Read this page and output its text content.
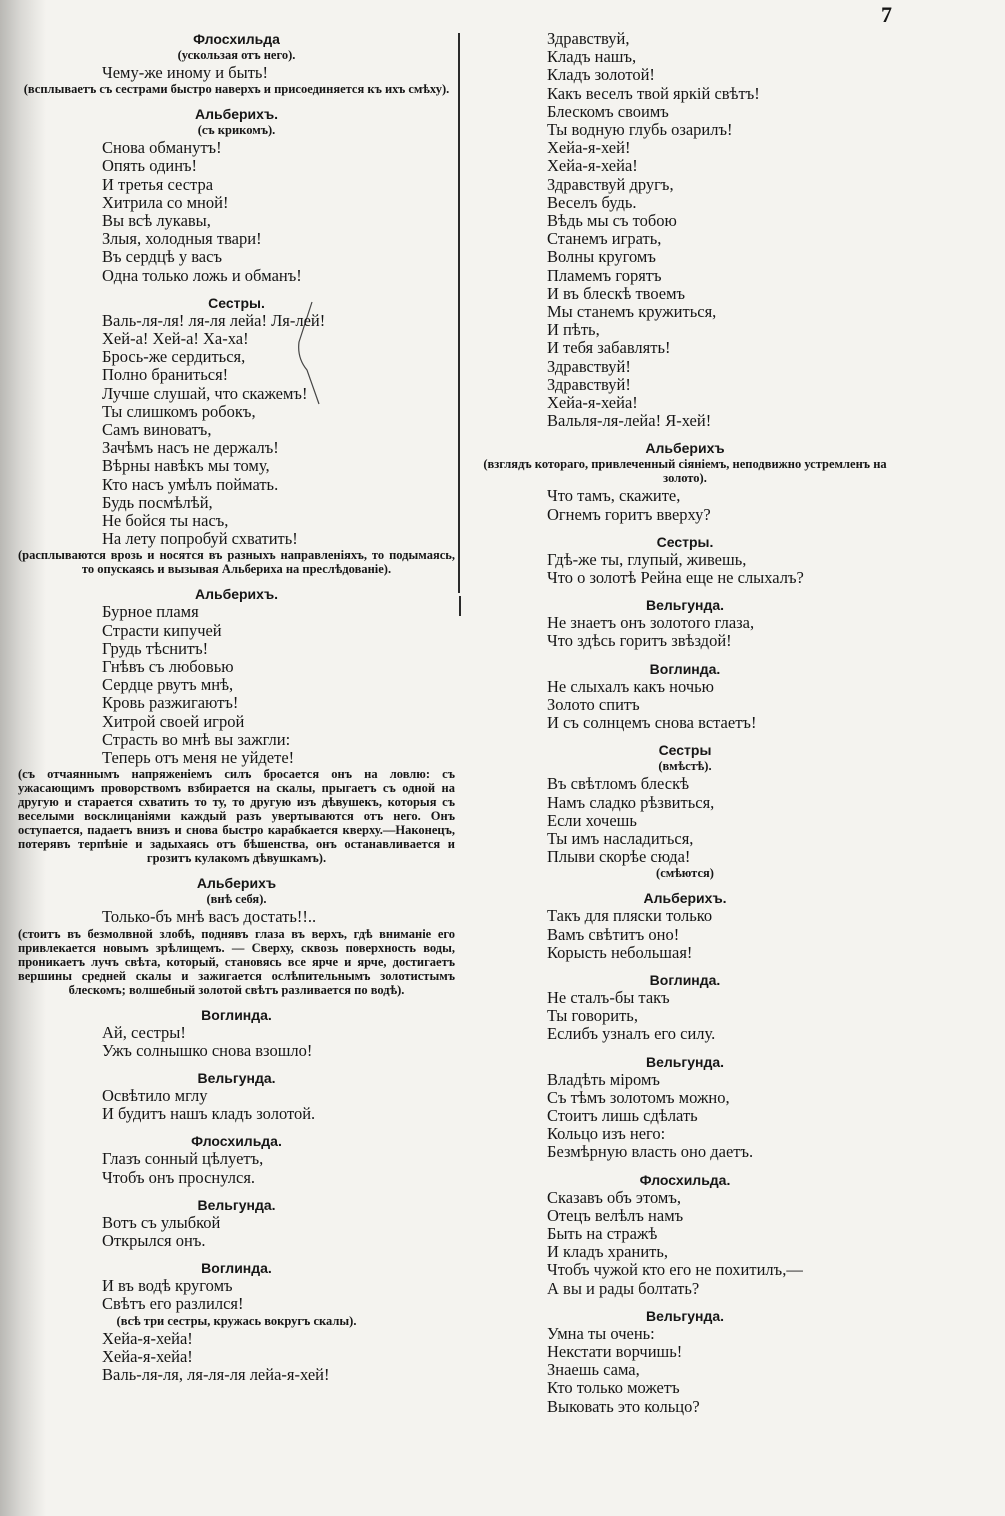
7
Флосхильда
(ускользая отъ него).
Чему-же иному и быть!
(всплываетъ съ сестрами быстро наверхъ и присоединяется къ ихъ смѣху).
Альберихъ.
(съ крикомъ).
Снова обманутъ!
Опять одинъ!
И третья сестра
Хитрила со мной!
Вы всѣ лукавы,
Злыя, холодныя твари!
Въ сердцѣ у васъ
Одна только ложь и обманъ!
Сестры.
Валь-ля-ля! ля-ля лейа! Ля-лей!
Хей-а! Хей-а! Ха-ха!
Брось-же сердиться,
Полно браниться!
Лучше слушай, что скажемъ!
Ты слишкомъ робокъ,
Самъ виноватъ,
Зачѣмъ насъ не держалъ!
Вѣрны навѣкъ мы тому,
Кто насъ умѣлъ поймать.
Будь посмѣлѣй,
Не бойся ты насъ,
На лету попробуй схватить!
(расплываются врозь и носятся въ разныхъ направленіяхъ, то подымаясь, то опускаясь и вызывая Альбериха на преслѣдованіе).
Альберихъ.
Бурное пламя
Страсти кипучей
Грудь тѣснитъ!
Гнѣвъ съ любовью
Сердце рвутъ мнѣ,
Кровь разжигаютъ!
Хитрой своей игрой
Страсть во мнѣ вы зажгли:
Теперь отъ меня не уйдете!
(съ отчаяннымъ напряженіемъ силъ бросается онъ на ловлю: съ ужасающимъ проворствомъ взбирается на скалы, прыгаетъ съ одной на другую и старается схватить то ту, то другую изъ дѣвушекъ, которыя съ веселыми восклицаніями каждый разъ увертываются отъ него. Онъ оступается, падаетъ внизъ и снова быстро карабкается кверху.—Наконецъ, потерявъ терпѣніе и задыхаясь отъ бѣшенства, онъ останавливается и грозитъ кулакомъ дѣвушкамъ).
Альберихъ
(внѣ себя).
Только-бъ мнѣ васъ достать!!..
(стоитъ въ безмолвной злобѣ, поднявъ глаза въ верхъ, гдѣ вниманіе его привлекается новымъ зрѣлищемъ. — Сверху, сквозь поверхность воды, проникаетъ лучъ свѣта, который, становясь все ярче и ярче, достигаетъ вершины средней скалы и зажигается ослѣпительнымъ золотистымъ блескомъ; волшебный золотой свѣтъ разливается по водѣ).
Воглинда.
Ай, сестры!
Ужъ солнышко снова взошло!
Вельгунда.
Освѣтило мглу
И будитъ нашъ кладъ золотой.
Флосхильда.
Глазъ сонный цѣлуетъ,
Чтобъ онъ проснулся.
Вельгунда.
Вотъ съ улыбкой
Открылся онъ.
Воглинда.
И въ водѣ кругомъ
Свѣтъ его разлился!
(всѣ три сестры, кружась вокругъ скалы).
Хейа-я-хейа!
Хейа-я-хейа!
Валь-ля-ля, ля-ля-ля лейа-я-хей!
Здравствуй,
Кладъ нашъ,
Кладъ золотой!
Какъ веселъ твой яркій свѣтъ!
Блескомъ своимъ
Ты водную глубь озарилъ!
Хейа-я-хей!
Хейа-я-хейа!
Здравствуй другъ,
Веселъ будь.
Вѣдь мы съ тобою
Станемъ играть,
Волны кругомъ
Пламемъ горятъ
И въ блескѣ твоемъ
Мы станемъ кружиться,
И пѣть,
И тебя забавлять!
Здравствуй!
Здравствуй!
Хейа-я-хейа!
Вальля-ля-лейа! Я-хей!
Альберихъ
(взглядъ котораго, привлеченный сіяніемъ, неподвижно устремленъ на золото).
Что тамъ, скажите,
Огнемъ горитъ вверху?
Сестры.
Гдѣ-же ты, глупый, живешь,
Что о золотѣ Рейна еще не слыхалъ?
Вельгунда.
Не знаетъ онъ золотого глаза,
Что здѣсь горитъ звѣздой!
Воглинда.
Не слыхалъ какъ ночью
Золото спитъ
И съ солнцемъ снова встаетъ!
Сестры
(вмѣстѣ).
Въ свѣтломъ блескѣ
Намъ сладко рѣзвиться,
Если хочешь
Ты имъ насладиться,
Плыви скорѣе сюда!
(смѣются)
Альберихъ.
Такъ для пляски только
Вамъ свѣтитъ оно!
Корысть небольшая!
Воглинда.
Не сталъ-бы такъ
Ты говорить,
Еслибъ узналъ его силу.
Вельгунда.
Владѣть міромъ
Съ тѣмъ золотомъ можно,
Стоитъ лишь сдѣлать
Кольцо изъ него:
Безмѣрную власть оно даетъ.
Флосхильда.
Сказавъ объ этомъ,
Отецъ велѣлъ намъ
Быть на стражѣ
И кладъ хранить,
Чтобъ чужой кто его не похитилъ,—
А вы и рады болтать?
Вельгунда.
Умна ты очень:
Некстати ворчишь!
Знаешь сама,
Кто только можетъ
Выковать это кольцо?
